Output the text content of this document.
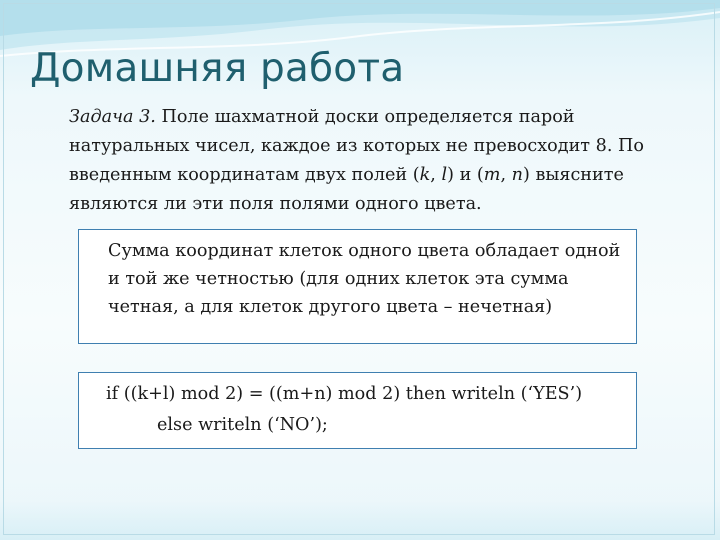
Домашняя работа
Задача 3. Поле шахматной доски определяется парой натуральных чисел, каждое из которых не превосходит 8. По введенным координатам двух полей (k, l) и (m, n) выясните являются ли эти поля полями одного цвета.
Сумма координат клеток одного цвета обладает одной и той же четностью (для одних клеток эта сумма четная, а для клеток другого цвета – нечетная)
if ((k+l) mod 2) = ((m+n) mod 2) then writeln (‘YES’)
else writeln (‘NO’);
